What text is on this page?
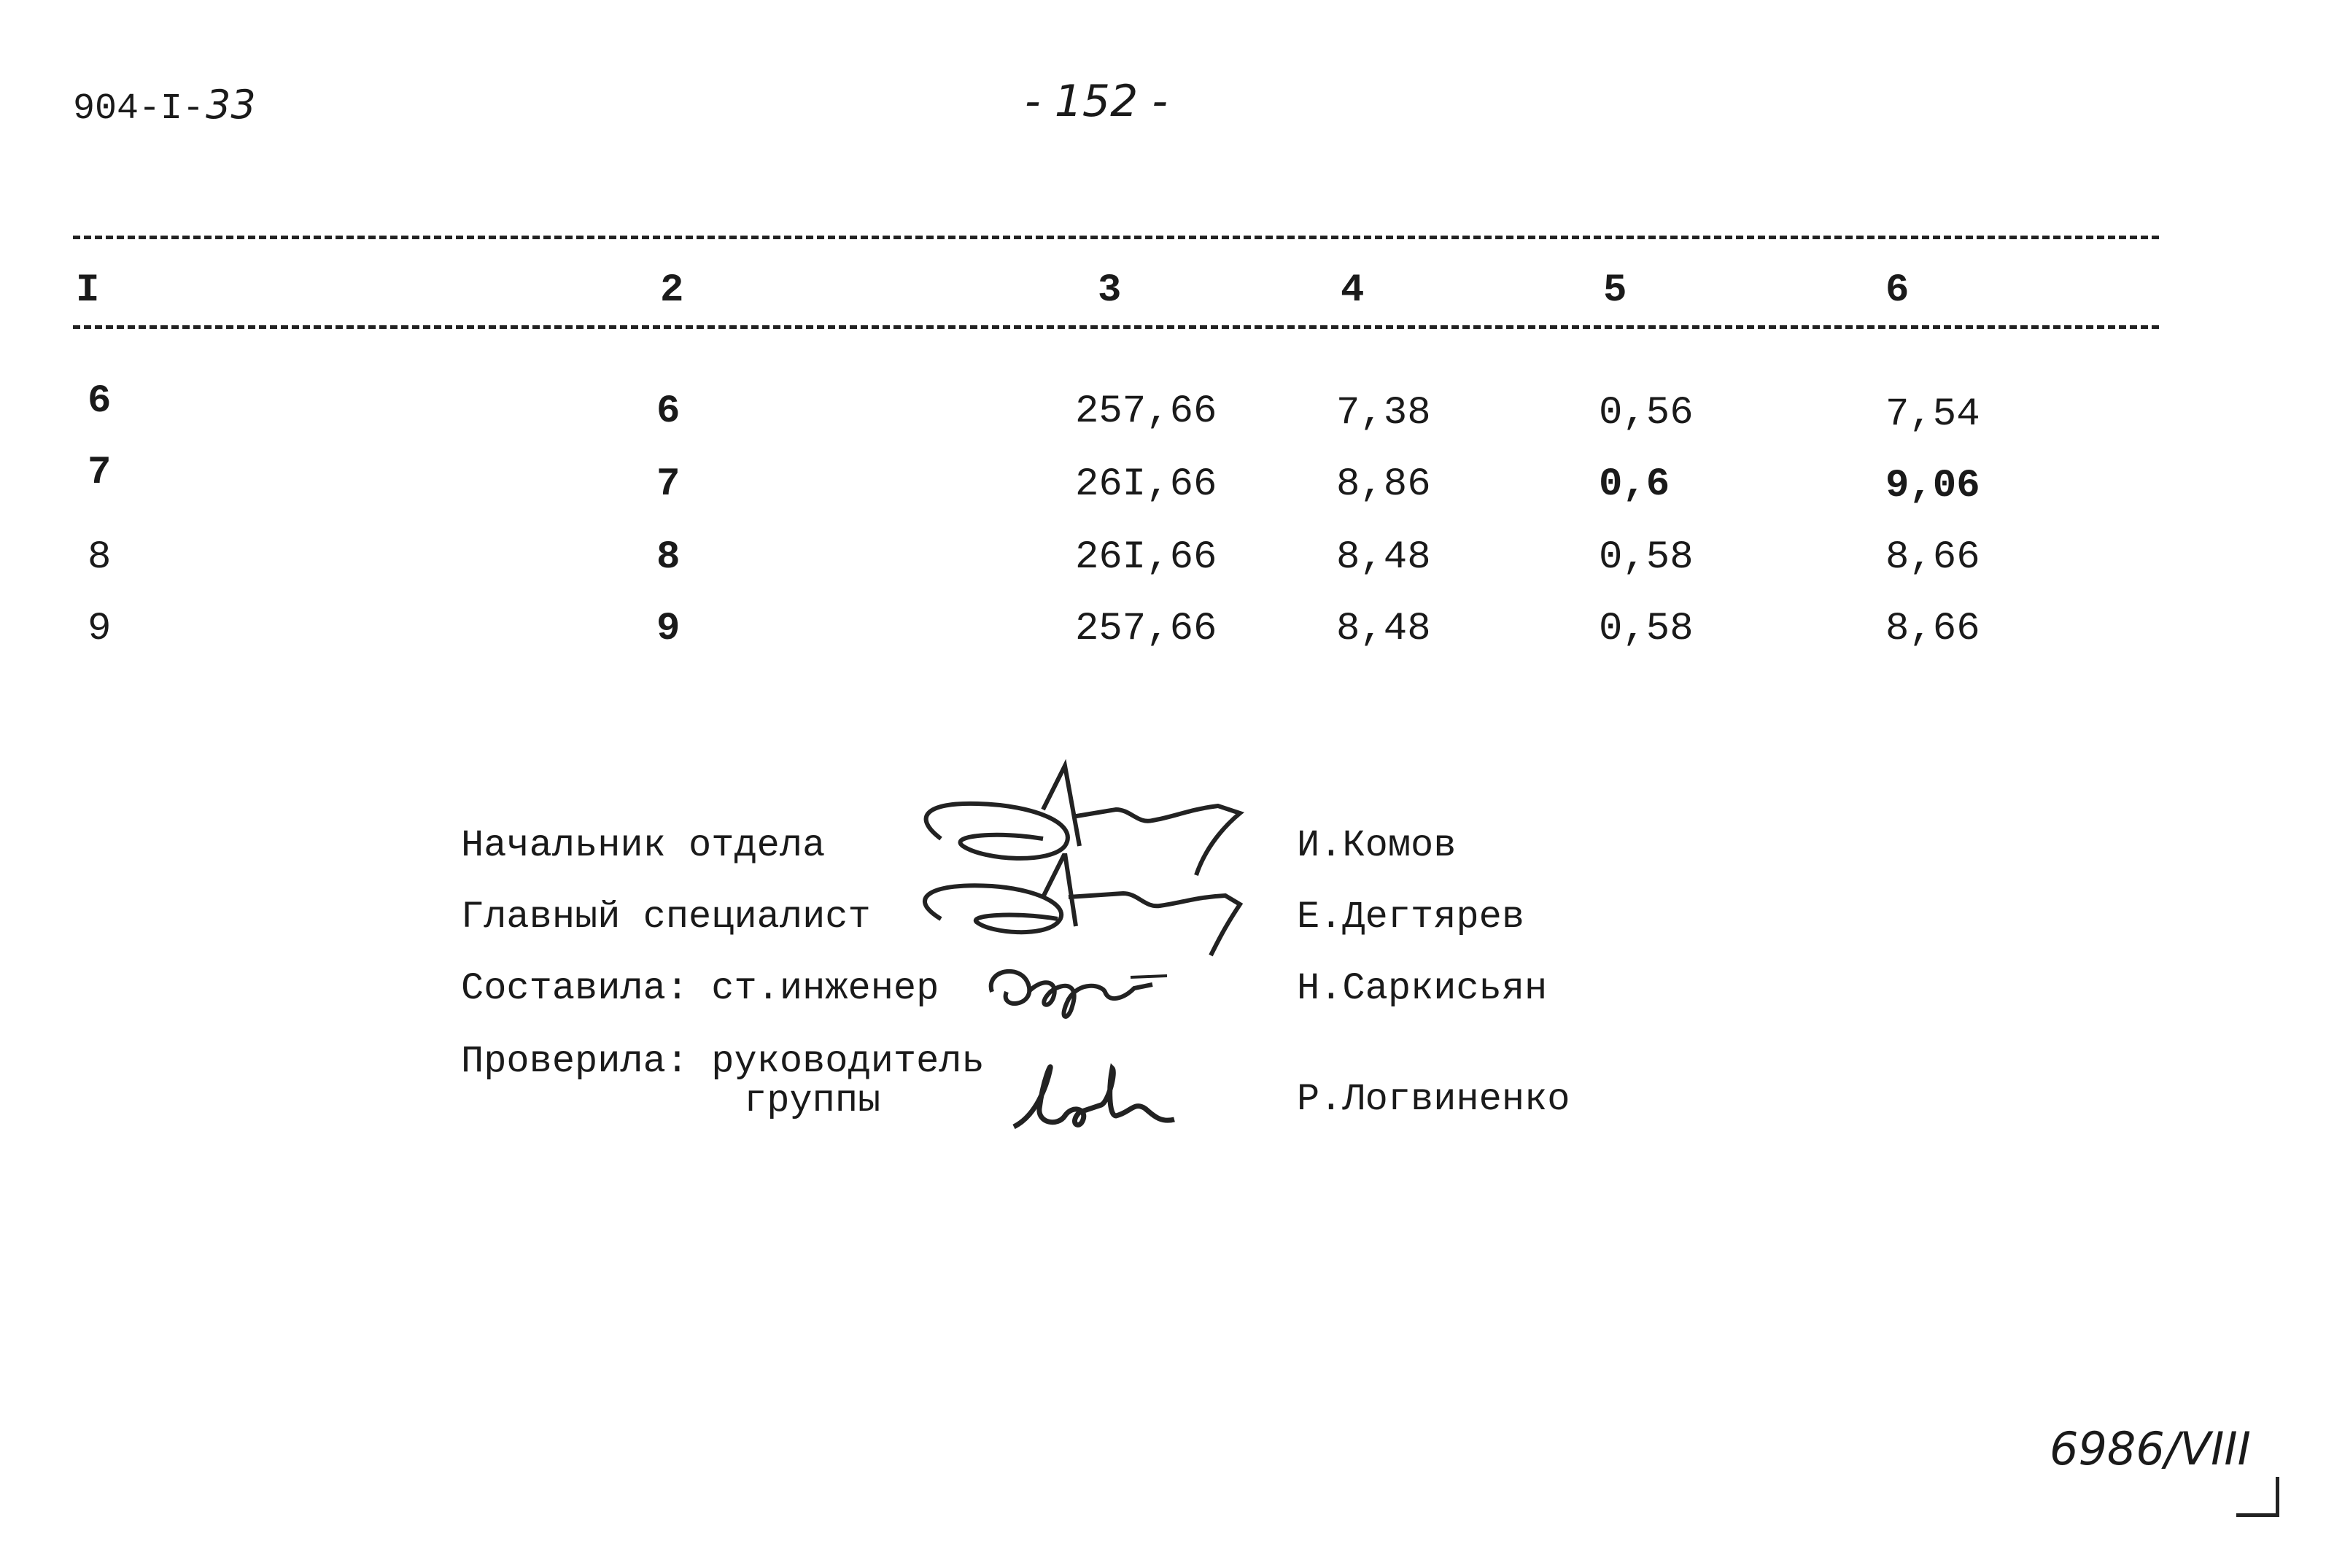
904-I-33	- 152 -
I	2	3	4	5	6
6	6	257,66	7,38	0,56	7,54
7	7	26I,66	8,86	0,6	9,06
8	8	26I,66	8,48	0,58	8,66
9	9	257,66	8,48	0,58	8,66
Начальник отдела	И.Комов
Главный специалист	Е.Дегтярев
Составила: ст.инженер	Н.Саркисьян
Проверила: руководитель
группы	Р.Логвиненко
6986/VIII
